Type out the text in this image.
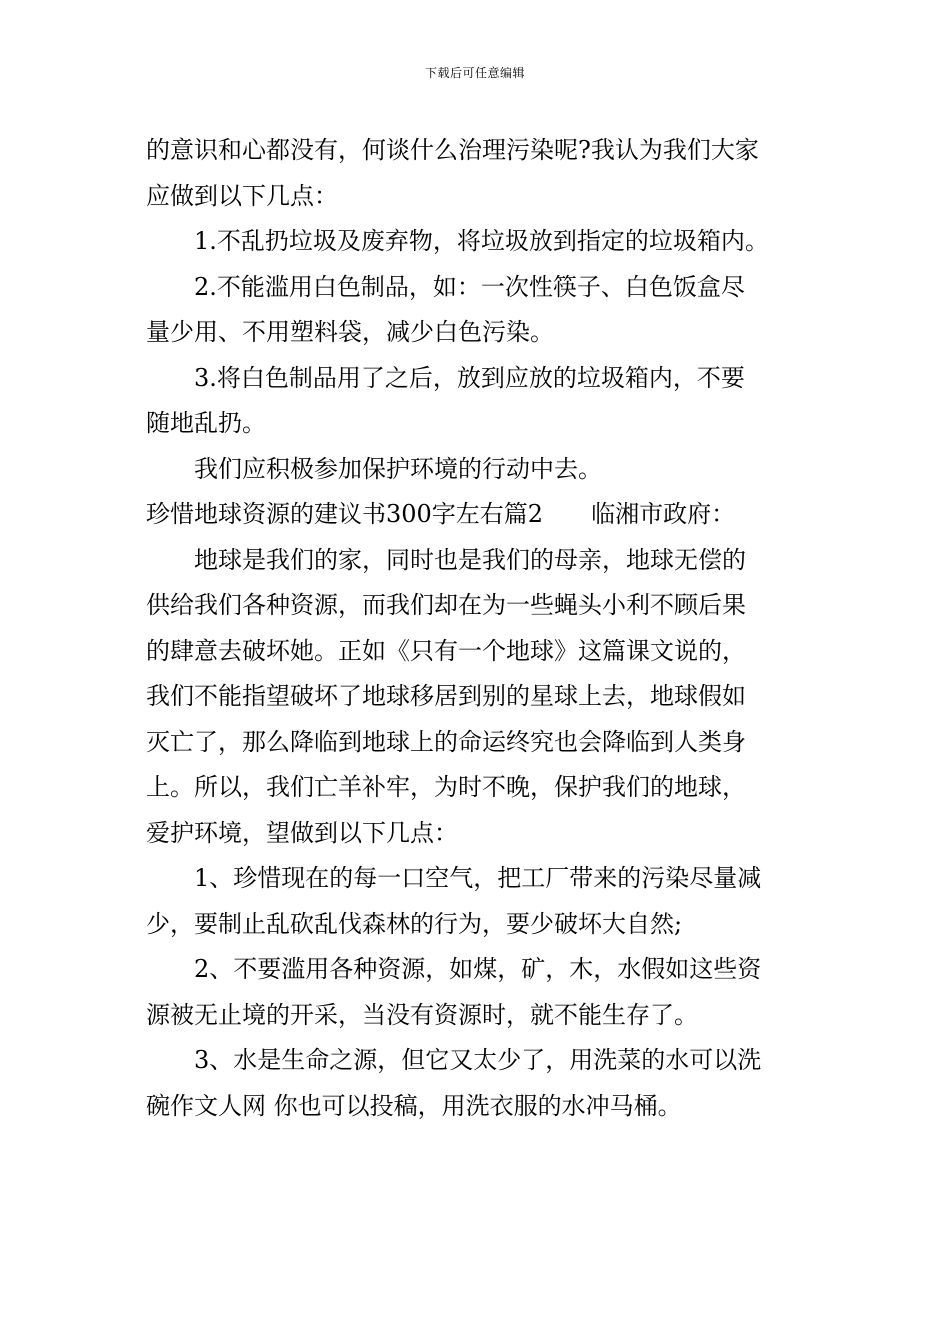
下载后可任意编辑
的意识和心都没有，何谈什么治理污染呢?我认为我们大家
应做到以下几点：
1.不乱扔垃圾及废弃物，将垃圾放到指定的垃圾箱内。
2.不能滥用白色制品，如：一次性筷子、白色饭盒尽
量少用、不用塑料袋，减少白色污染。
3.将白色制品用了之后，放到应放的垃圾箱内，不要
随地乱扔。
我们应积极参加保护环境的行动中去。
珍惜地球资源的建议书300字左右篇2 临湘市政府：
地球是我们的家，同时也是我们的母亲，地球无偿的
供给我们各种资源，而我们却在为一些蝇头小利不顾后果
的肆意去破坏她。正如《只有一个地球》这篇课文说的，
我们不能指望破坏了地球移居到别的星球上去，地球假如
灭亡了，那么降临到地球上的命运终究也会降临到人类身
上。所以，我们亡羊补牢，为时不晚，保护我们的地球，
爱护环境，望做到以下几点：
1、珍惜现在的每一口空气，把工厂带来的污染尽量减
少，要制止乱砍乱伐森林的行为，要少破坏大自然;
2、不要滥用各种资源，如煤，矿，木，水假如这些资
源被无止境的开采，当没有资源时，就不能生存了。
3、水是生命之源，但它又太少了，用洗菜的水可以洗
碗作文人网 你也可以投稿，用洗衣服的水冲马桶。
